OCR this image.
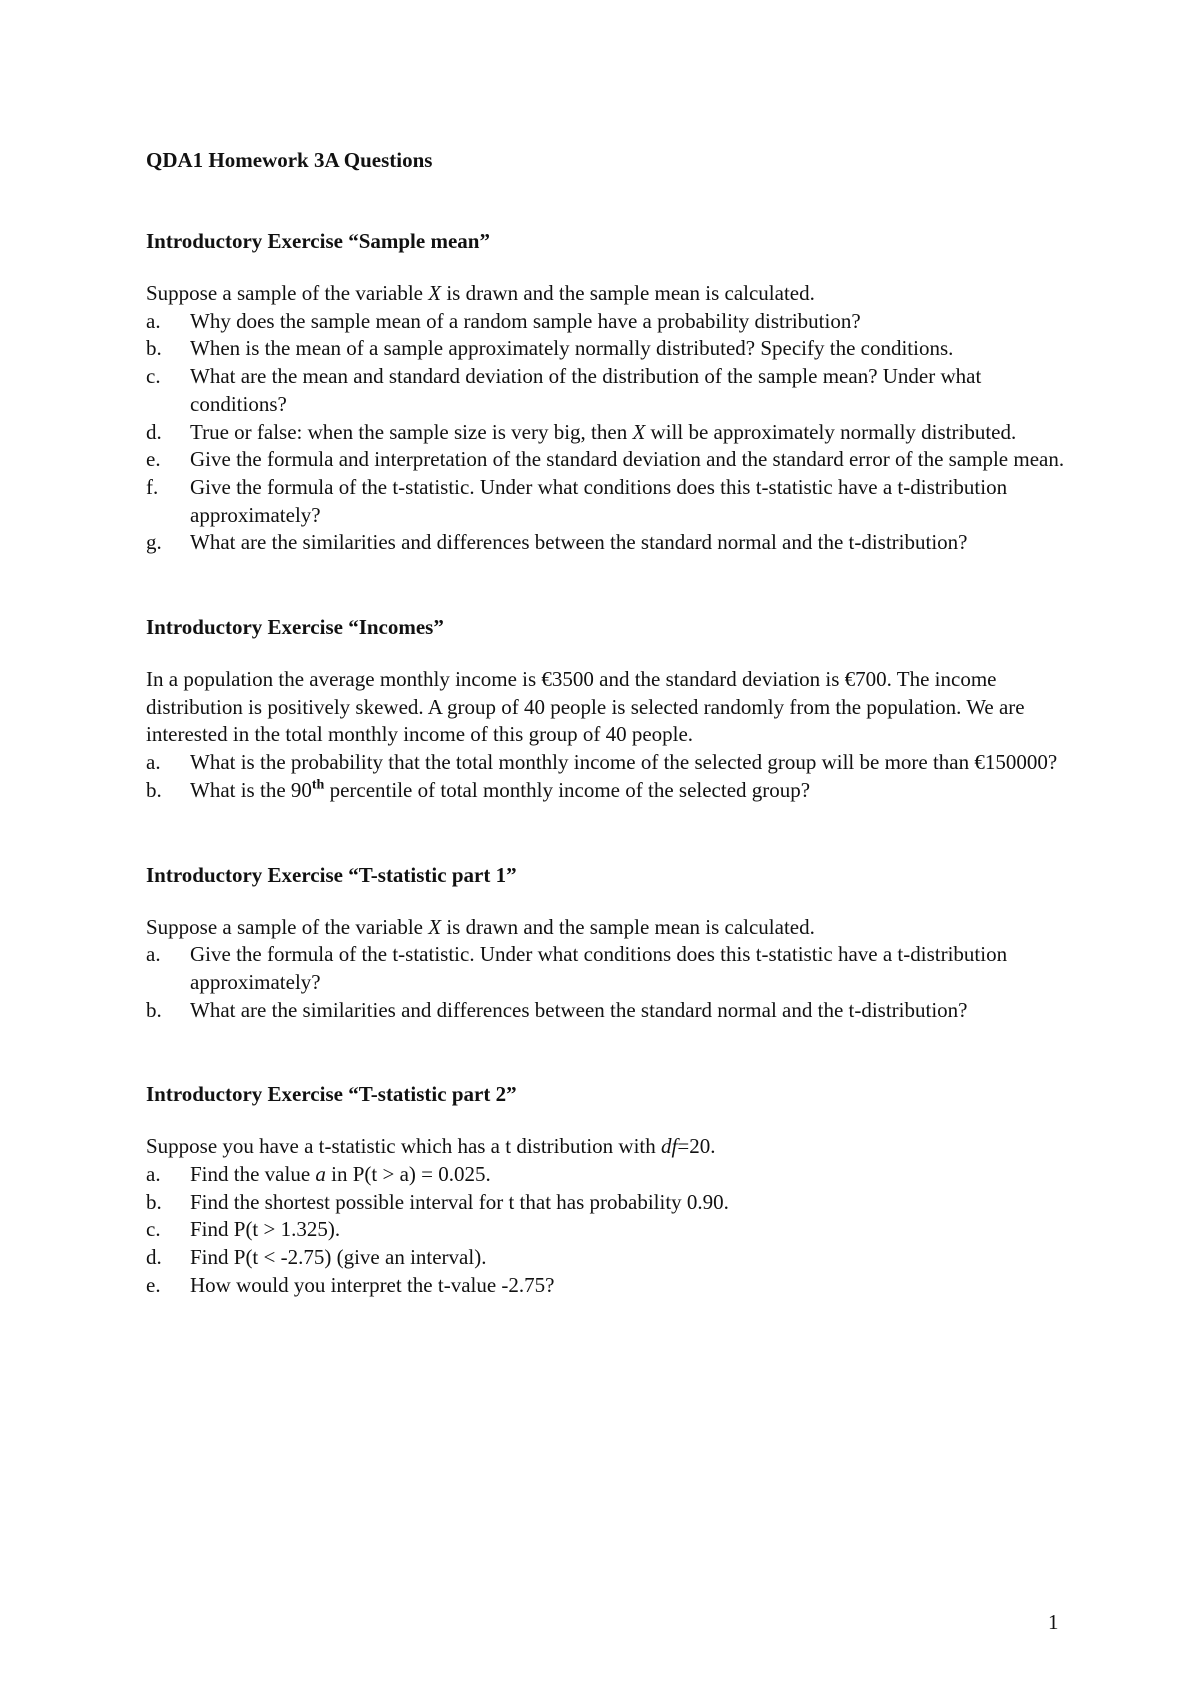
QDA1 Homework 3A Questions

Introductory Exercise “Sample mean”

Suppose a sample of the variable X is drawn and the sample mean is calculated.

a.	Why does the sample mean of a random sample have a probability distribution?
b.	When is the mean of a sample approximately normally distributed? Specify the conditions.
c.	What are the mean and standard deviation of the distribution of the sample mean? Under what conditions?
d.	True or false: when the sample size is very big, then X will be approximately normally distributed.
e.	Give the formula and interpretation of the standard deviation and the standard error of the sample mean.
f.	Give the formula of the t-statistic. Under what conditions does this t-statistic have a t-distribution approximately?
g.	What are the similarities and differences between the standard normal and the t-distribution?

Introductory Exercise “Incomes”

In a population the average monthly income is €3500 and the standard deviation is €700. The income distribution is positively skewed. A group of 40 people is selected randomly from the population. We are interested in the total monthly income of this group of 40 people.

a.	What is the probability that the total monthly income of the selected group will be more than €150000?
b.	What is the 90th percentile of total monthly income of the selected group?

Introductory Exercise “T-statistic part 1”

Suppose a sample of the variable X is drawn and the sample mean is calculated.

a.	Give the formula of the t-statistic. Under what conditions does this t-statistic have a t-distribution approximately?
b.	What are the similarities and differences between the standard normal and the t-distribution?

Introductory Exercise “T-statistic part 2”

Suppose you have a t-statistic which has a t distribution with df=20.

a.	Find the value a in P(t > a) = 0.025.
b.	Find the shortest possible interval for t that has probability 0.90.
c.	Find P(t > 1.325).
d.	Find P(t < -2.75) (give an interval).
e.	How would you interpret the t-value -2.75?
1
